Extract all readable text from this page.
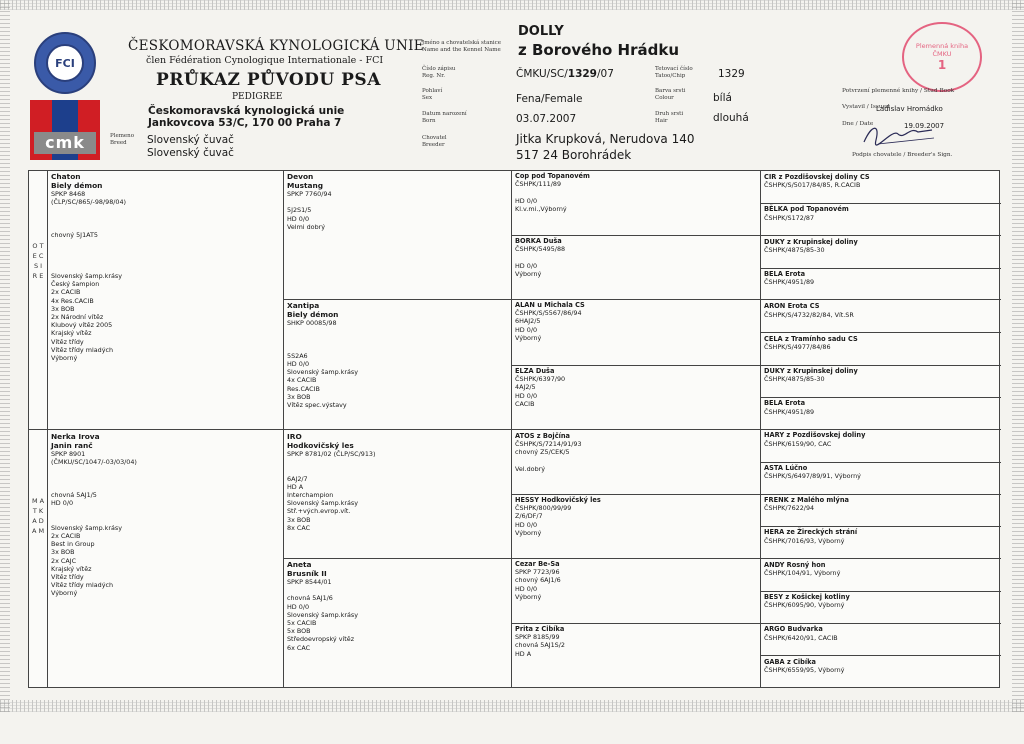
FCI
cmk
ČESKOMORAVSKÁ KYNOLOGICKÁ UNIE
člen Fédération Cynologique Internationale - FCI
PRŮKAZ PŮVODU PSA
PEDIGREE
Českomoravská kynologická unie
Jankovcova 53/C, 170 00 Praha 7
Plemeno
Breed	Slovenský čuvač
Slovenský čuvač
Jméno a chovatelská stanice
Name and the Kennel Name
DOLLY
z Borového Hrádku
Číslo zápisu
Reg. Nr.	ČMKU/SC/1329/07	Tetovací číslo
Tatoo/Chip	1329
Pohlaví
Sex	Fena/Female
Barva srsti
Colour	bílá
Datum narození
Born	03.07.2007	Druh srsti
Hair	dlouhá
Chovatel
Breeder	Jitka Krupková, Nerudova 140
517 24 Borohrádek
Plemenná kniha ČMKU
1
Potvrzení plemenné knihy / Stud Book
Vystavil / Issued
Ladislav Hromádko
Dne / Date	19.09.2007
Podpis chovatele / Breeder's Sign.
O T E C S I R E
M A T K A D A M
Chaton
Biely démon
SPKP 8468
(ČLP/SC/865/-98/98/04)

chovný 5J1AT5

Slovenský šamp.krásy
Český šampion
2x CACIB
4x Res.CACIB
3x BOB
2x Národní vítěz
Klubový vítěz 2005
Krajský vítěz
Vítěz třídy
Vítěz třídy mladých
Výborný
Nerka Irova
Janin ranč
SPKP 8901
(ČMKU/SC/1047/-03/03/04)

chovná 5AJ1/5
HD 0/0

Slovenský šamp.krásy
2x CACIB
Best in Group
3x BOB
2x CAJC
Krajský vítěz
Vítěz třídy
Vítěz třídy mladých
Výborný
Devon
Mustang
SPKP 7760/94

5J2S1/5
HD 0/0
Velmi dobrý
Xantipa
Biely démon
SHKP 00085/98

5S2A6
HD 0/0
Slovenský šamp.krásy
4x CACIB
Res.CACIB
3x BOB
Vítěz spec.výstavy
IRO
Hodkovičský les
SPKP 8781/02 (ČLP/SC/913)

6AJ2/7
HD A
Interchampion
Slovenský šamp.krásy
Stř.+vých.evrop.vít.
3x BOB
8x CAC
Aneta
Brusník II
SPKP 8544/01

chovná 5AJ1/6
HD 0/0
Slovenský šamp.krásy
5x CACIB
5x BOB
Středoevropský vítěz
6x CAC
Cop pod Topanovém
ČSHPK/111/89

HD 0/0
Kl.v.mi.,Výborný
BORKA Duša
ČSHPK/5495/88

HD 0/0
Výborný
ALAN u Michala CS
ČSHPK/S/5567/86/94
6HAJ2/5
HD 0/0
Výborný
ELZA Duša
ČSHPK/6397/90
4AJ2/5
HD 0/0
CACIB
ATOS z Bojčína
ČSHPK/S/7214/91/93
chovný Z5/CEK/5

Vel.dobrý
HESSY Hodkovičský les
ČSHPK/800/99/99
Z/6/DF/7
HD 0/0
Výborný
Cezar Be-Sa
SPKP 7723/96
chovný 6AJ1/6
HD 0/0
Výborný
Prita z Cibíka
SPKP 8185/99
chovná 5AJ1S/2
HD A
CIR z Pozdišovskej doliny CS
ČSHPK/S/5017/84/85, R.CACIB
BĚLKA pod Topanovém
ČSHPK/S172/87
DUKY z Krupinskej doliny
ČSHPK/4875/85-30
BELA Erota
ČSHPK/4951/89
ARON Erota CS
ČSHPK/S/4732/82/84, Vít.SR
CELA z Tramínho sadu CS
ČSHPK/S/4977/84/86
DUKY z Krupinskej doliny
ČSHPK/4875/85-30
BELA Erota
ČSHPK/4951/89
HARY z Pozdišovskej doliny
ČSHPK/6159/90, CAC
ASTA Lúčno
ČSHPK/S/6497/89/91, Výborný
FRENK z Malého mlýna
ČSHPK/7622/94
HERA ze Žireckých strání
ČSHPK/7016/93, Výborný
ANDY Rosný hon
ČSHPK/104/91, Výborný
BESY z Košickej kotliny
ČSHPK/6095/90, Výborný
ARGO Budvarka
ČSHPK/6420/91, CACIB
GABA z Cibíka
ČSHPK/6559/95, Výborný
